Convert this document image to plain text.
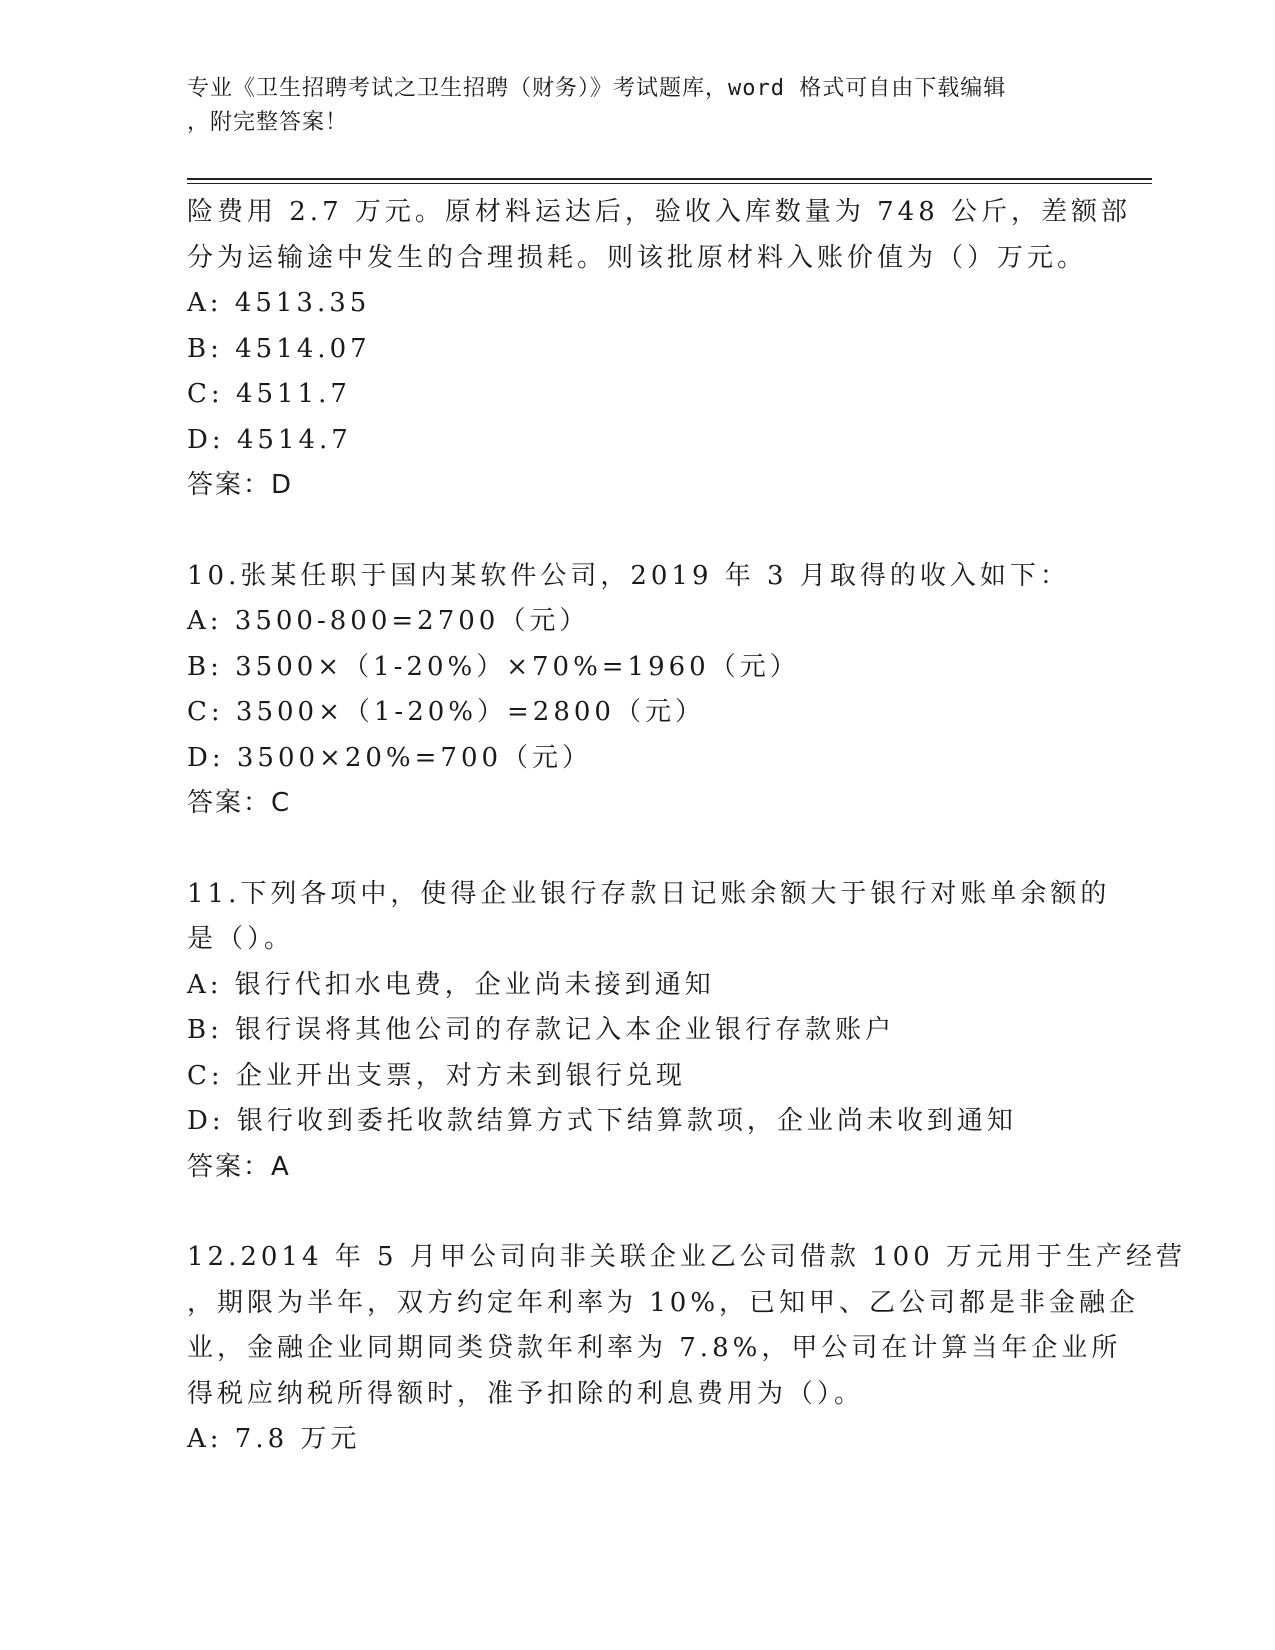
专业《卫生招聘考试之卫生招聘（财务）》考试题库，word 格式可自由下载编辑
，附完整答案！
险费用 2.7 万元。原材料运达后，验收入库数量为 748 公斤，差额部
分为运输途中发生的合理损耗。则该批原材料入账价值为（）万元。
A: 4513.35
B: 4514.07
C: 4511.7
D: 4514.7
答案：D
10.张某任职于国内某软件公司，2019 年 3 月取得的收入如下：
A: 3500-800=2700（元）
B: 3500×（1-20%）×70%=1960（元）
C: 3500×（1-20%）=2800（元）
D: 3500×20%=700（元）
答案：C
11.下列各项中，使得企业银行存款日记账余额大于银行对账单余额的
是（）。
A: 银行代扣水电费，企业尚未接到通知
B: 银行误将其他公司的存款记入本企业银行存款账户
C: 企业开出支票，对方未到银行兑现
D: 银行收到委托收款结算方式下结算款项，企业尚未收到通知
答案：A
12.2014 年 5 月甲公司向非关联企业乙公司借款 100 万元用于生产经营
，期限为半年，双方约定年利率为 10%，已知甲、乙公司都是非金融企
业，金融企业同期同类贷款年利率为 7.8%，甲公司在计算当年企业所
得税应纳税所得额时，准予扣除的利息费用为（）。
A: 7.8 万元
